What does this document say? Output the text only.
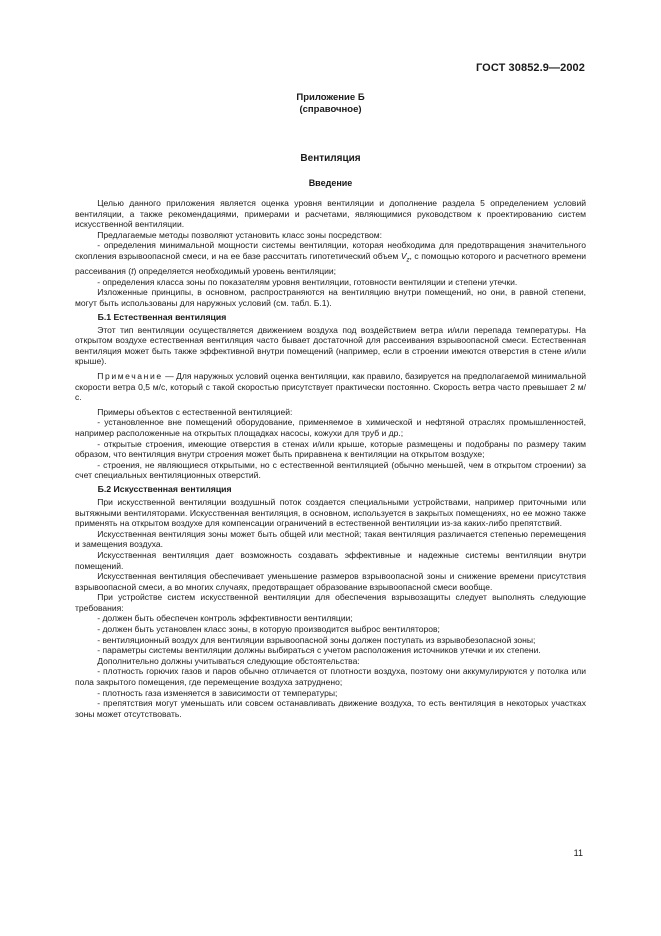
ГОСТ 30852.9—2002
Приложение Б
(справочное)
Вентиляция
Введение

Целью данного приложения является оценка уровня вентиляции и дополнение раздела 5 определением условий вентиляции, а также рекомендациями, примерами и расчетами, являющимися руководством к проектированию систем искусственной вентиляции.

Предлагаемые методы позволяют установить класс зоны посредством:

- определения минимальной мощности системы вентиляции, которая необходима для предотвращения значительного скопления взрывоопасной смеси, и на ее базе рассчитать гипотетический объем $V_z$, с помощью которого и расчетного времени рассеивания (t) определяется необходимый уровень вентиляции;

- определения класса зоны по показателям уровня вентиляции, готовности вентиляции и степени утечки.

Изложенные принципы, в основном, распространяются на вентиляцию внутри помещений, но они, в равной степени, могут быть использованы для наружных условий (см. табл. Б.1).

Б.1 Естественная вентиляция

Этот тип вентиляции осуществляется движением воздуха под воздействием ветра и/или перепада температуры. На открытом воздухе естественная вентиляция часто бывает достаточной для рассеивания взрывоопасной смеси. Естественная вентиляция может быть также эффективной внутри помещений (например, если в строении имеются отверстия в стене и/или крыше).

Примечание — Для наружных условий оценка вентиляции, как правило, базируется на предполагаемой минимальной скорости ветра 0,5 м/с, который с такой скоростью присутствует практически постоянно. Скорость ветра часто превышает 2 м/с.

Примеры объектов с естественной вентиляцией:

- установленное вне помещений оборудование, применяемое в химической и нефтяной отраслях промышленностей, например расположенные на открытых площадках насосы, кожухи для труб и др.;

- открытые строения, имеющие отверстия в стенах и/или крыше, которые размещены и подобраны по размеру таким образом, что вентиляция внутри строения может быть приравнена к вентиляции на открытом воздухе;

- строения, не являющиеся открытыми, но с естественной вентиляцией (обычно меньшей, чем в открытом строении) за счет специальных вентиляционных отверстий.

Б.2 Искусственная вентиляция

При искусственной вентиляции воздушный поток создается специальными устройствами, например приточными или вытяжными вентиляторами. Искусственная вентиляция, в основном, используется в закрытых помещениях, но ее можно также применять на открытом воздухе для компенсации ограничений в естественной вентиляции из-за каких-либо препятствий.

Искусственная вентиляция зоны может быть общей или местной; такая вентиляция различается степенью перемещения и замещения воздуха.

Искусственная вентиляция дает возможность создавать эффективные и надежные системы вентиляции внутри помещений.

Искусственная вентиляция обеспечивает уменьшение размеров взрывоопасной зоны и снижение времени присутствия взрывоопасной смеси, а во многих случаях, предотвращает образование взрывоопасной смеси вообще.

При устройстве систем искусственной вентиляции для обеспечения взрывозащиты следует выполнять следующие требования:

- должен быть обеспечен контроль эффективности вентиляции;

- должен быть установлен класс зоны, в которую производится выброс вентиляторов;

- вентиляционный воздух для вентиляции взрывоопасной зоны должен поступать из взрывобезопасной зоны;

- параметры системы вентиляции должны выбираться с учетом расположения источников утечки и их степени.

Дополнительно должны учитываться следующие обстоятельства:

- плотность горючих газов и паров обычно отличается от плотности воздуха, поэтому они аккумулируются у потолка или пола закрытого помещения, где перемещение воздуха затруднено;

- плотность газа изменяется в зависимости от температуры;

- препятствия могут уменьшать или совсем останавливать движение воздуха, то есть вентиляция в некоторых участках зоны может отсутствовать.

11
